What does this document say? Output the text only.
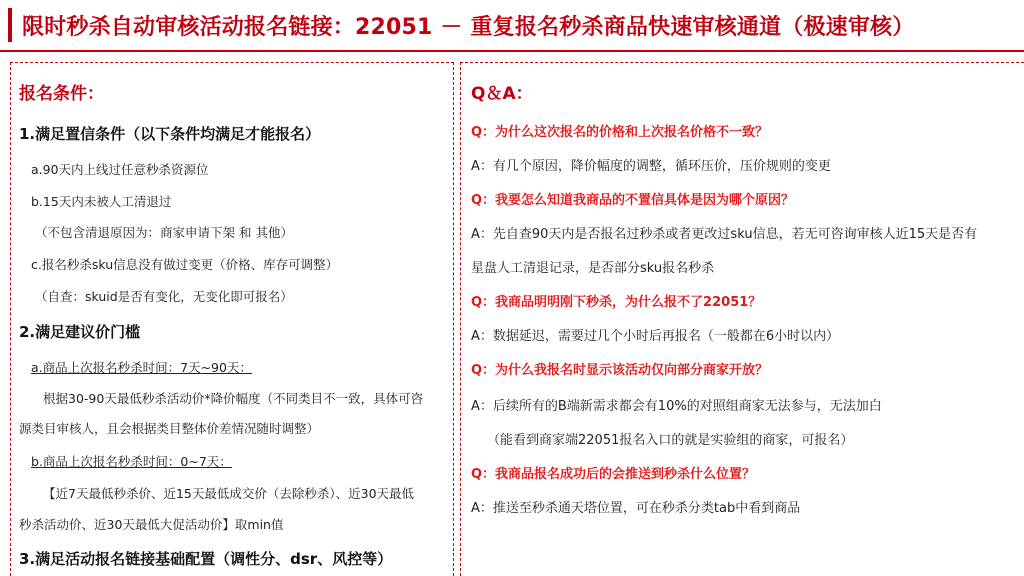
限时秒杀自动审核活动报名链接：22051 － 重复报名秒杀商品快速审核通道（极速审核）
报名条件：
1.满足置信条件（以下条件均满足才能报名）
a.90天内上线过任意秒杀资源位
b.15天内未被人工清退过
（不包含清退原因为：商家申请下架 和 其他）
c.报名秒杀sku信息没有做过变更（价格、库存可调整）
（自查：skuid是否有变化，无变化即可报名）
2.满足建议价门槛
a.商品上次报名秒杀时间：7天~90天：
根据30-90天最低秒杀活动价*降价幅度（不同类目不一致，具体可咨
源类目审核人，且会根据类目整体价差情况随时调整）
b.商品上次报名秒杀时间：0~7天：
【近7天最低秒杀价、近15天最低成交价（去除秒杀）、近30天最低
秒杀活动价、近30天最低大促活动价】取min值
3.满足活动报名链接基础配置（调性分、dsr、风控等）
Q＆A：
Q：为什么这次报名的价格和上次报名价格不一致？
A：有几个原因，降价幅度的调整，循环压价，压价规则的变更
Q：我要怎么知道我商品的不置信具体是因为哪个原因？
A：先自查90天内是否报名过秒杀或者更改过sku信息，若无可咨询审核人近15天是否有
星盘人工清退记录，是否部分sku报名秒杀
Q：我商品明明刚下秒杀，为什么报不了22051？
A：数据延迟，需要过几个小时后再报名（一般都在6小时以内）
Q：为什么我报名时显示该活动仅向部分商家开放？
A：后续所有的B端新需求都会有10%的对照组商家无法参与，无法加白
（能看到商家端22051报名入口的就是实验组的商家，可报名）
Q：我商品报名成功后的会推送到秒杀什么位置？
A：推送至秒杀通天塔位置，可在秒杀分类tab中看到商品
